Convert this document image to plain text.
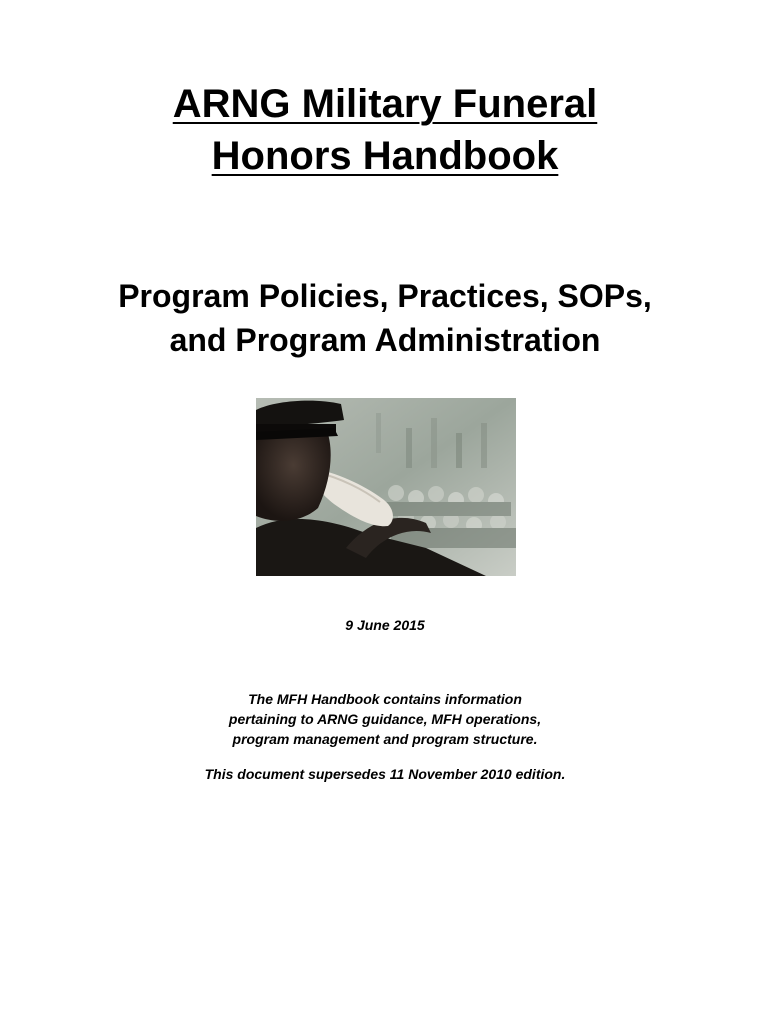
ARNG Military Funeral
Honors Handbook
Program Policies, Practices, SOPs,
and Program Administration
9 June 2015
The MFH Handbook contains information
pertaining to ARNG guidance, MFH operations,
program management and program structure.
This document supersedes 11 November 2010 edition.
